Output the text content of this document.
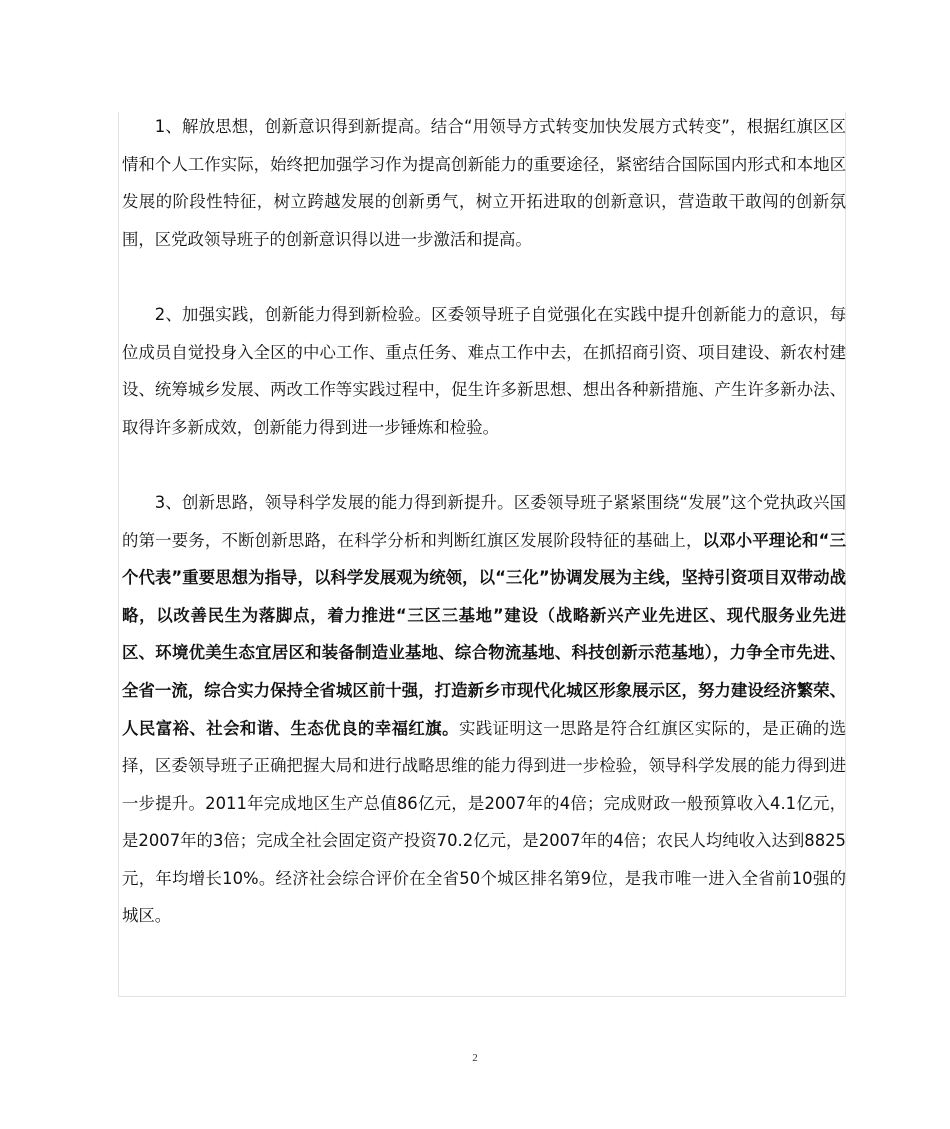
1、解放思想，创新意识得到新提高。结合“用领导方式转变加快发展方式转变”，根据红旗区区情和个人工作实际，始终把加强学习作为提高创新能力的重要途径，紧密结合国际国内形式和本地区发展的阶段性特征，树立跨越发展的创新勇气，树立开拓进取的创新意识，营造敢干敢闯的创新氛围，区党政领导班子的创新意识得以进一步激活和提高。

2、加强实践，创新能力得到新检验。区委领导班子自觉强化在实践中提升创新能力的意识，每位成员自觉投身入全区的中心工作、重点任务、难点工作中去，在抓招商引资、项目建设、新农村建设、统筹城乡发展、两改工作等实践过程中，促生许多新思想、想出各种新措施、产生许多新办法、取得许多新成效，创新能力得到进一步锤炼和检验。

3、创新思路，领导科学发展的能力得到新提升。区委领导班子紧紧围绕“发展”这个党执政兴国的第一要务，不断创新思路，在科学分析和判断红旗区发展阶段特征的基础上，以邓小平理论和“三个代表”重要思想为指导，以科学发展观为统领，以“三化”协调发展为主线，坚持引资项目双带动战略，以改善民生为落脚点，着力推进“三区三基地”建设（战略新兴产业先进区、现代服务业先进区、环境优美生态宜居区和装备制造业基地、综合物流基地、科技创新示范基地），力争全市先进、全省一流，综合实力保持全省城区前十强，打造新乡市现代化城区形象展示区，努力建设经济繁荣、人民富裕、社会和谐、生态优良的幸福红旗。实践证明这一思路是符合红旗区实际的，是正确的选择，区委领导班子正确把握大局和进行战略思维的能力得到进一步检验，领导科学发展的能力得到进一步提升。2011年完成地区生产总值86亿元，是2007年的4倍；完成财政一般预算收入4.1亿元，是2007年的3倍；完成全社会固定资产投资70.2亿元，是2007年的4倍；农民人均纯收入达到8825元，年均增长10%。经济社会综合评价在全省50个城区排名第9位，是我市唯一进入全省前10强的城区。

2
